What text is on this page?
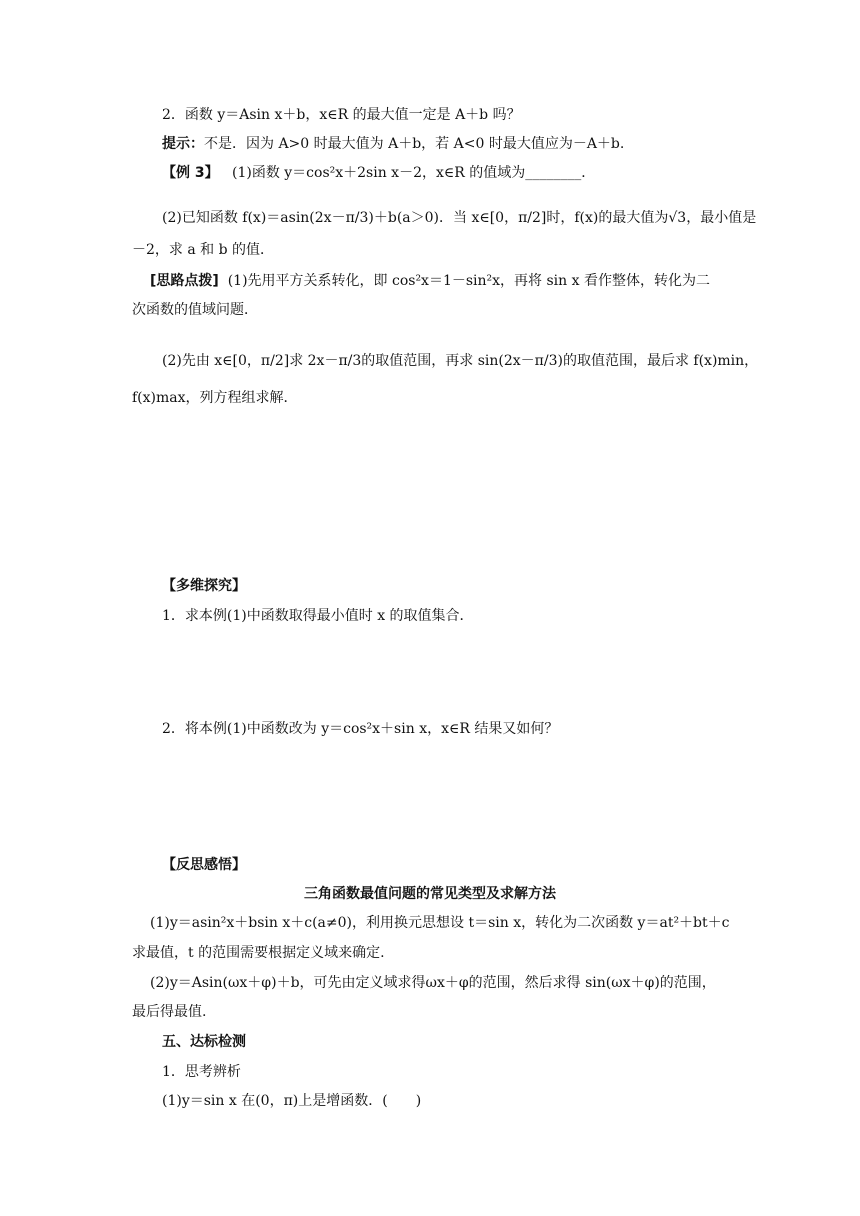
2．函数 y＝Asin x＋b，x∈R 的最大值一定是 A＋b 吗？
提示：不是．因为 A>0 时最大值为 A＋b，若 A<0 时最大值应为－A＋b.
【例 3】 (1)函数 y＝cos²x＋2sin x－2，x∈R 的值域为________．
(2)已知函数 f(x)＝asin(2x－π/3)＋b(a＞0)．当 x∈[0，π/2]时，f(x)的最大值为√3，最小值是
－2，求 a 和 b 的值．
[思路点拨] (1)先用平方关系转化，即 cos²x＝1－sin²x，再将 sin x 看作整体，转化为二
次函数的值域问题．
(2)先由 x∈[0，π/2]求 2x－π/3的取值范围，再求 sin(2x－π/3)的取值范围，最后求 f(x)min，
f(x)max，列方程组求解．
【多维探究】
1．求本例(1)中函数取得最小值时 x 的取值集合．
2．将本例(1)中函数改为 y＝cos²x＋sin x，x∈R 结果又如何？
【反思感悟】
三角函数最值问题的常见类型及求解方法
(1)y＝asin²x＋bsin x＋c(a≠0)，利用换元思想设 t＝sin x，转化为二次函数 y＝at²＋bt＋c
求最值，t 的范围需要根据定义域来确定.
(2)y＝Asin(ωx＋φ)＋b，可先由定义域求得ωx＋φ的范围，然后求得 sin(ωx＋φ)的范围，
最后得最值.
五、达标检测
1．思考辨析
(1)y＝sin x 在(0，π)上是增函数．(　　)
